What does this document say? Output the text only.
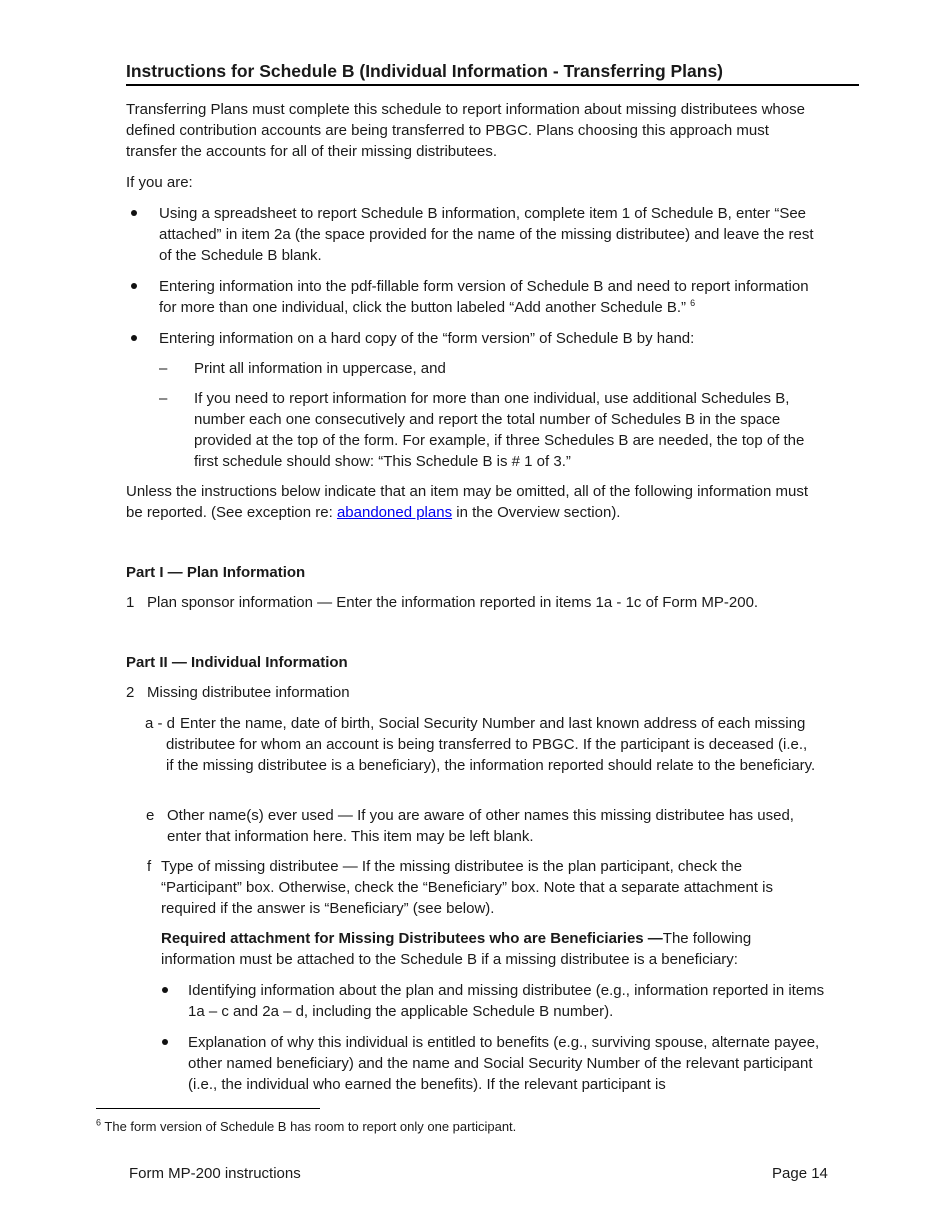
Instructions for Schedule B (Individual Information - Transferring Plans)

Transferring Plans must complete this schedule to report information about missing distributees whose defined contribution accounts are being transferred to PBGC. Plans choosing this approach must transfer the accounts for all of their missing distributees.

If you are:

Using a spreadsheet to report Schedule B information, complete item 1 of Schedule B, enter “See attached” in item 2a (the space provided for the name of the missing distributee) and leave the rest of the Schedule B blank.

Entering information into the pdf-fillable form version of Schedule B and need to report information for more than one individual, click the button labeled “Add another Schedule B.” $^6$

Entering information on a hard copy of the “form version” of Schedule B by hand:

– Print all information in uppercase, and

– If you need to report information for more than one individual, use additional Schedules B, number each one consecutively and report the total number of Schedules B in the space provided at the top of the form. For example, if three Schedules B are needed, the top of the first schedule should show: “This Schedule B is # 1 of 3.”

Unless the instructions below indicate that an item may be omitted, all of the following information must be reported. (See exception re: abandoned plans in the Overview section).

Part I — Plan Information

1 Plan sponsor information — Enter the information reported in items 1a - 1c of Form MP-200.

Part II — Individual Information

2 Missing distributee information

a - d Enter the name, date of birth, Social Security Number and last known address of each missing distributee for whom an account is being transferred to PBGC. If the participant is deceased (i.e., if the missing distributee is a beneficiary), the information reported should relate to the beneficiary.

e Other name(s) ever used — If you are aware of other names this missing distributee has used, enter that information here. This item may be left blank.

f Type of missing distributee — If the missing distributee is the plan participant, check the “Participant” box. Otherwise, check the “Beneficiary” box. Note that a separate attachment is required if the answer is “Beneficiary” (see below).

Required attachment for Missing Distributees who are Beneficiaries —The following information must be attached to the Schedule B if a missing distributee is a beneficiary:

Identifying information about the plan and missing distributee (e.g., information reported in items 1a – c and 2a – d, including the applicable Schedule B number).

Explanation of why this individual is entitled to benefits (e.g., surviving spouse, alternate payee, other named beneficiary) and the name and Social Security Number of the relevant participant (i.e., the individual who earned the benefits). If the relevant participant is

$^6$ The form version of Schedule B has room to report only one participant.

Form MP-200 instructions	Page 14
